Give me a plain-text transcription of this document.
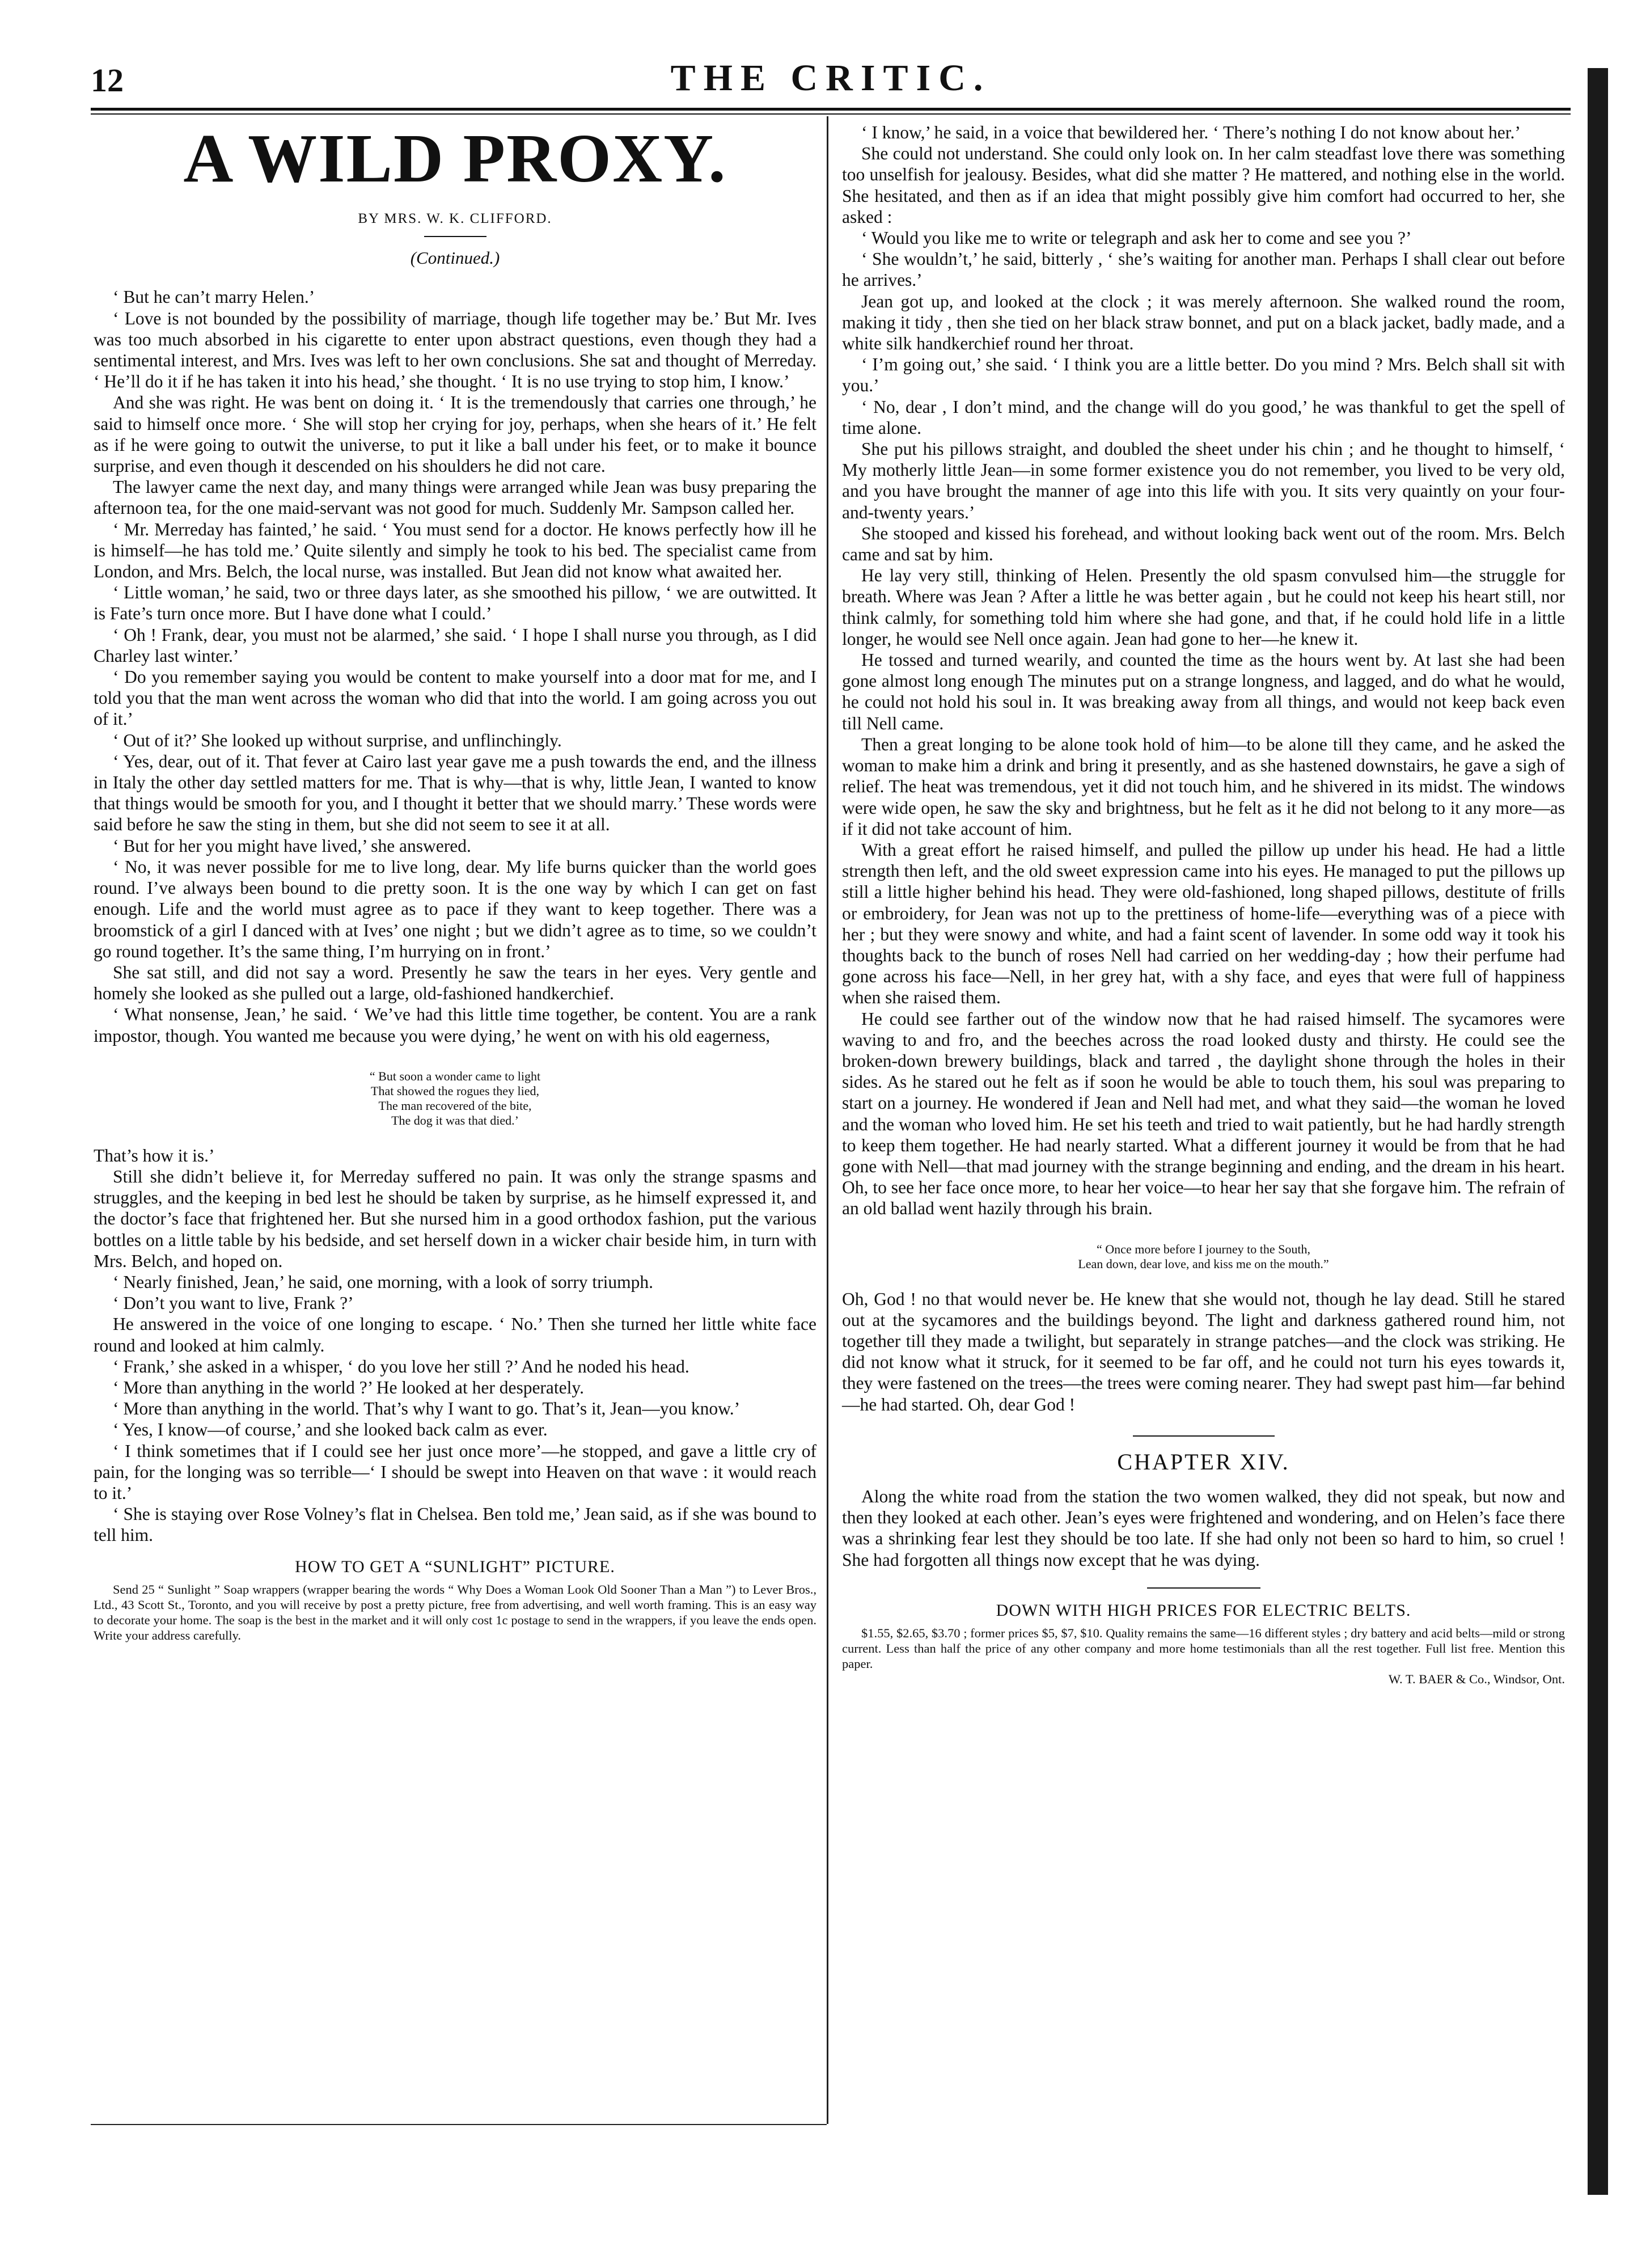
12	THE CRITIC.
A WILD PROXY.
BY MRS. W. K. CLIFFORD.
(Continued.)

‘ But he can’t marry Helen.’

‘ Love is not bounded by the possibility of marriage, though life together may be.’ But Mr. Ives was too much absorbed in his cigarette to enter upon abstract questions, even though they had a sentimental interest, and Mrs. Ives was left to her own conclusions. She sat and thought of Merreday. ‘ He’ll do it if he has taken it into his head,’ she thought. ‘ It is no use trying to stop him, I know.’

And she was right. He was bent on doing it. ‘ It is the tremendously that carries one through,’ he said to himself once more. ‘ She will stop her crying for joy, perhaps, when she hears of it.’ He felt as if he were going to outwit the universe, to put it like a ball under his feet, or to make it bounce surprise, and even though it descended on his shoulders he did not care.

The lawyer came the next day, and many things were arranged while Jean was busy preparing the afternoon tea, for the one maid-servant was not good for much. Suddenly Mr. Sampson called her.

‘ Mr. Merreday has fainted,’ he said. ‘ You must send for a doctor. He knows perfectly how ill he is himself—he has told me.’ Quite silently and simply he took to his bed. The specialist came from London, and Mrs. Belch, the local nurse, was installed. But Jean did not know what awaited her.

‘ Little woman,’ he said, two or three days later, as she smoothed his pillow, ‘ we are outwitted. It is Fate’s turn once more. But I have done what I could.’

‘ Oh ! Frank, dear, you must not be alarmed,’ she said. ‘ I hope I shall nurse you through, as I did Charley last winter.’

‘ Do you remember saying you would be content to make yourself into a door mat for me, and I told you that the man went across the woman who did that into the world. I am going across you out of it.’

‘ Out of it?’ She looked up without surprise, and unflinchingly.

‘ Yes, dear, out of it. That fever at Cairo last year gave me a push towards the end, and the illness in Italy the other day settled matters for me. That is why—that is why, little Jean, I wanted to know that things would be smooth for you, and I thought it better that we should marry.’ These words were said before he saw the sting in them, but she did not seem to see it at all.

‘ But for her you might have lived,’ she answered.

‘ No, it was never possible for me to live long, dear. My life burns quicker than the world goes round. I’ve always been bound to die pretty soon. It is the one way by which I can get on fast enough. Life and the world must agree as to pace if they want to keep together. There was a broomstick of a girl I danced with at Ives’ one night ; but we didn’t agree as to time, so we couldn’t go round together. It’s the same thing, I’m hurrying on in front.’

She sat still, and did not say a word. Presently he saw the tears in her eyes. Very gentle and homely she looked as she pulled out a large, old-fashioned handkerchief.

‘ What nonsense, Jean,’ he said. ‘ We’ve had this little time together, be content. You are a rank impostor, though. You wanted me because you were dying,’ he went on with his old eagerness,

“ But soon a wonder came to light
That showed the rogues they lied,
The man recovered of the bite,
The dog it was that died.’

That’s how it is.’

Still she didn’t believe it, for Merreday suffered no pain. It was only the strange spasms and struggles, and the keeping in bed lest he should be taken by surprise, as he himself expressed it, and the doctor’s face that frightened her. But she nursed him in a good orthodox fashion, put the various bottles on a little table by his bedside, and set herself down in a wicker chair beside him, in turn with Mrs. Belch, and hoped on.

‘ Nearly finished, Jean,’ he said, one morning, with a look of sorry triumph.

‘ Don’t you want to live, Frank ?’

He answered in the voice of one longing to escape. ‘ No.’ Then she turned her little white face round and looked at him calmly.

‘ Frank,’ she asked in a whisper, ‘ do you love her still ?’ And he noded his head.

‘ More than anything in the world ?’ He looked at her desperately.

‘ More than anything in the world. That’s why I want to go. That’s it, Jean—you know.’

‘ Yes, I know—of course,’ and she looked back calm as ever.

‘ I think sometimes that if I could see her just once more’—he stopped, and gave a little cry of pain, for the longing was so terrible—‘ I should be swept into Heaven on that wave : it would reach to it.’

‘ She is staying over Rose Volney’s flat in Chelsea. Ben told me,’ Jean said, as if she was bound to tell him.

HOW TO GET A “SUNLIGHT” PICTURE.

Send 25 “ Sunlight ” Soap wrappers (wrapper bearing the words “ Why Does a Woman Look Old Sooner Than a Man ”) to Lever Bros., Ltd., 43 Scott St., Toronto, and you will receive by post a pretty picture, free from advertising, and well worth framing. This is an easy way to decorate your home. The soap is the best in the market and it will only cost 1c postage to send in the wrappers, if you leave the ends open. Write your address carefully.

‘ I know,’ he said, in a voice that bewildered her. ‘ There’s nothing I do not know about her.’

She could not understand. She could only look on. In her calm steadfast love there was something too unselfish for jealousy. Besides, what did she matter ? He mattered, and nothing else in the world. She hesitated, and then as if an idea that might possibly give him comfort had occurred to her, she asked :

‘ Would you like me to write or telegraph and ask her to come and see you ?’

‘ She wouldn’t,’ he said, bitterly , ‘ she’s waiting for another man. Perhaps I shall clear out before he arrives.’

Jean got up, and looked at the clock ; it was merely afternoon. She walked round the room, making it tidy , then she tied on her black straw bonnet, and put on a black jacket, badly made, and a white silk handkerchief round her throat.

‘ I’m going out,’ she said. ‘ I think you are a little better. Do you mind ? Mrs. Belch shall sit with you.’

‘ No, dear , I don’t mind, and the change will do you good,’ he was thankful to get the spell of time alone.

She put his pillows straight, and doubled the sheet under his chin ; and he thought to himself, ‘ My motherly little Jean—in some former existence you do not remember, you lived to be very old, and you have brought the manner of age into this life with you. It sits very quaintly on your four-and-twenty years.’

She stooped and kissed his forehead, and without looking back went out of the room. Mrs. Belch came and sat by him.

He lay very still, thinking of Helen. Presently the old spasm convulsed him—the struggle for breath. Where was Jean ? After a little he was better again , but he could not keep his heart still, nor think calmly, for something told him where she had gone, and that, if he could hold life in a little longer, he would see Nell once again. Jean had gone to her—he knew it.

He tossed and turned wearily, and counted the time as the hours went by. At last she had been gone almost long enough The minutes put on a strange longness, and lagged, and do what he would, he could not hold his soul in. It was breaking away from all things, and would not keep back even till Nell came.

Then a great longing to be alone took hold of him—to be alone till they came, and he asked the woman to make him a drink and bring it presently, and as she hastened downstairs, he gave a sigh of relief. The heat was tremendous, yet it did not touch him, and he shivered in its midst. The windows were wide open, he saw the sky and brightness, but he felt as it he did not belong to it any more—as if it did not take account of him.

With a great effort he raised himself, and pulled the pillow up under his head. He had a little strength then left, and the old sweet expression came into his eyes. He managed to put the pillows up still a little higher behind his head. They were old-fashioned, long shaped pillows, destitute of frills or embroidery, for Jean was not up to the prettiness of home-life—everything was of a piece with her ; but they were snowy and white, and had a faint scent of lavender. In some odd way it took his thoughts back to the bunch of roses Nell had carried on her wedding-day ; how their perfume had gone across his face—Nell, in her grey hat, with a shy face, and eyes that were full of happiness when she raised them.

He could see farther out of the window now that he had raised himself. The sycamores were waving to and fro, and the beeches across the road looked dusty and thirsty. He could see the broken-down brewery buildings, black and tarred , the daylight shone through the holes in their sides. As he stared out he felt as if soon he would be able to touch them, his soul was preparing to start on a journey. He wondered if Jean and Nell had met, and what they said—the woman he loved and the woman who loved him. He set his teeth and tried to wait patiently, but he had hardly strength to keep them together. He had nearly started. What a different journey it would be from that he had gone with Nell—that mad journey with the strange beginning and ending, and the dream in his heart. Oh, to see her face once more, to hear her voice—to hear her say that she forgave him. The refrain of an old ballad went hazily through his brain.

“ Once more before I journey to the South,
Lean down, dear love, and kiss me on the mouth.”

Oh, God ! no that would never be. He knew that she would not, though he lay dead. Still he stared out at the sycamores and the buildings beyond. The light and darkness gathered round him, not together till they made a twilight, but separately in strange patches—and the clock was striking. He did not know what it struck, for it seemed to be far off, and he could not turn his eyes towards it, they were fastened on the trees—the trees were coming nearer. They had swept past him—far behind—he had started. Oh, dear God !

CHAPTER XIV.

Along the white road from the station the two women walked, they did not speak, but now and then they looked at each other. Jean’s eyes were frightened and wondering, and on Helen’s face there was a shrinking fear lest they should be too late. If she had only not been so hard to him, so cruel ! She had forgotten all things now except that he was dying.

DOWN WITH HIGH PRICES FOR ELECTRIC BELTS.

$1.55, $2.65, $3.70 ; former prices $5, $7, $10. Quality remains the same—16 different styles ; dry battery and acid belts—mild or strong current. Less than half the price of any other company and more home testimonials than all the rest together. Full list free. Mention this paper.

W. T. BAER & Co., Windsor, Ont.
